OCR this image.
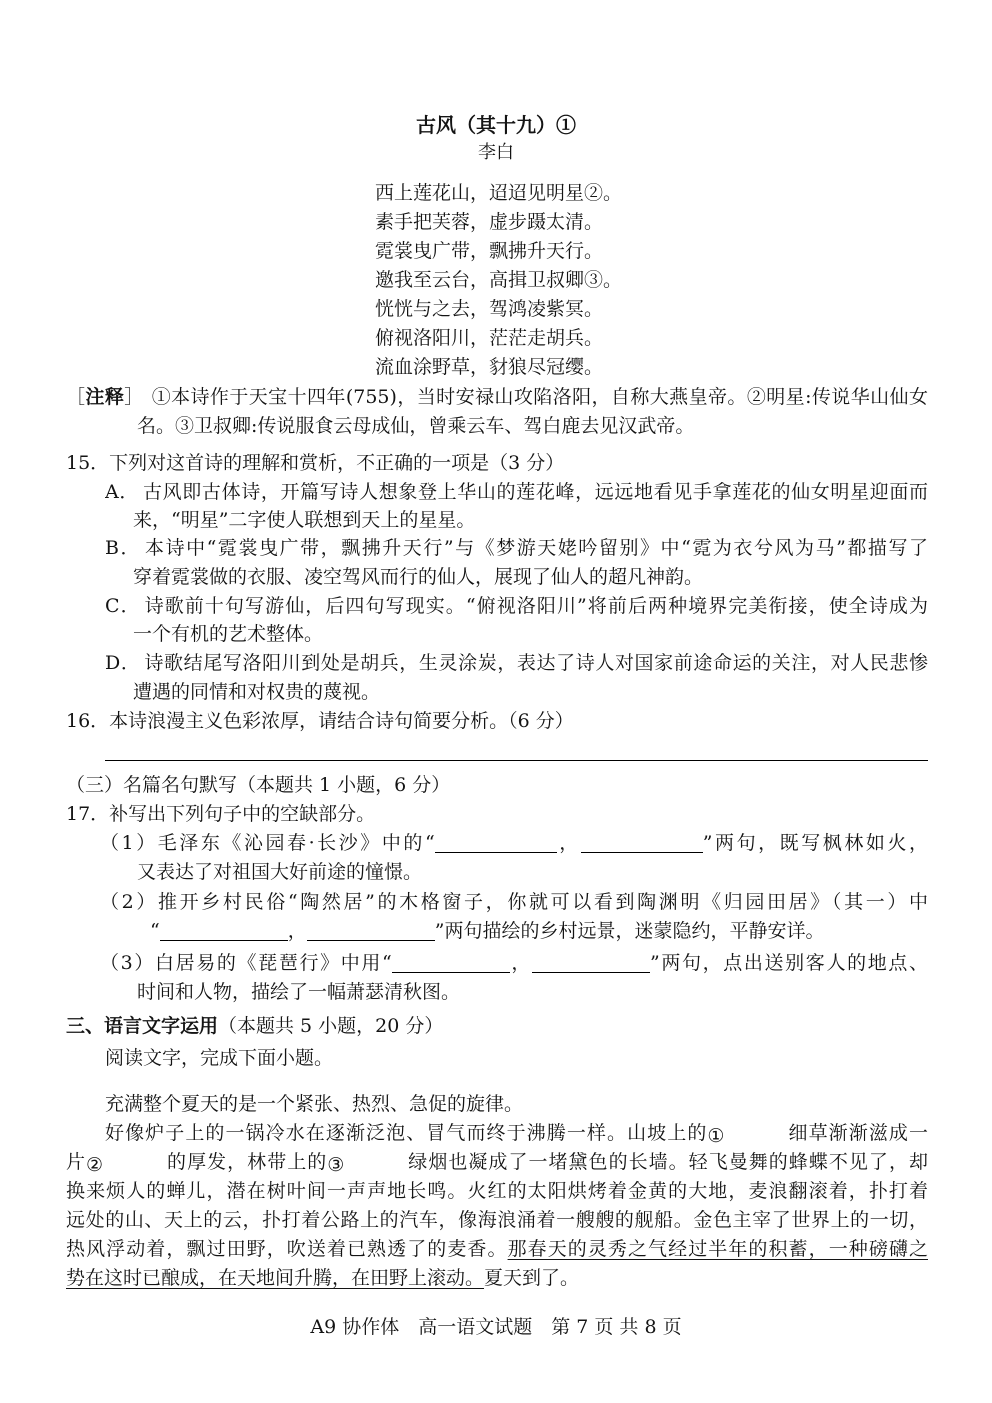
古风（其十九）①
李白
西上莲花山，迢迢见明星②。
素手把芙蓉，虚步蹑太清。
霓裳曳广带，飘拂升天行。
邀我至云台，高揖卫叔卿③。
恍恍与之去，驾鸿凌紫冥。
俯视洛阳川，茫茫走胡兵。
流血涂野草，豺狼尽冠缨。
［注释］ ①本诗作于天宝十四年(755)，当时安禄山攻陷洛阳，自称大燕皇帝。②明星:传说华山仙女
名。③卫叔卿:传说服食云母成仙，曾乘云车、驾白鹿去见汉武帝。
15．下列对这首诗的理解和赏析，不正确的一项是（3 分）
A． 古风即古体诗，开篇写诗人想象登上华山的莲花峰，远远地看见手拿莲花的仙女明星迎面而
来，“明星”二字使人联想到天上的星星。
B． 本诗中“霓裳曳广带，飘拂升天行”与《梦游天姥吟留别》中“霓为衣兮风为马”都描写了
穿着霓裳做的衣服、凌空驾风而行的仙人，展现了仙人的超凡神韵。
C． 诗歌前十句写游仙，后四句写现实。“俯视洛阳川”将前后两种境界完美衔接，使全诗成为
一个有机的艺术整体。
D． 诗歌结尾写洛阳川到处是胡兵，生灵涂炭，表达了诗人对国家前途命运的关注，对人民悲惨
遭遇的同情和对权贵的蔑视。
16．本诗浪漫主义色彩浓厚，请结合诗句简要分析。（6 分）
（三）名篇名句默写（本题共 1 小题，6 分）
17．补写出下列句子中的空缺部分。
（1）毛泽东《沁园春·长沙》中的“	，	”两句，既写枫林如火，
又表达了对祖国大好前途的憧憬。
（2）推开乡村民俗“陶然居”的木格窗子，你就可以看到陶渊明《归园田居》（其一）中
“	，	”两句描绘的乡村远景，迷蒙隐约，平静安详。
（3）白居易的《琵琶行》中用“	，	”两句，点出送别客人的地点、
时间和人物，描绘了一幅萧瑟清秋图。
三、语言文字运用（本题共 5 小题，20 分）
阅读文字，完成下面小题。
充满整个夏天的是一个紧张、热烈、急促的旋律。
好像炉子上的一锅冷水在逐渐泛泡、冒气而终于沸腾一样。山坡上的①	细草渐渐滋成一
片②	的厚发，林带上的③	绿烟也凝成了一堵黛色的长墙。轻飞曼舞的蜂蝶不见了，却
换来烦人的蝉儿，潜在树叶间一声声地长鸣。火红的太阳烘烤着金黄的大地，麦浪翻滚着，扑打着
远处的山、天上的云，扑打着公路上的汽车，像海浪涌着一艘艘的舰船。金色主宰了世界上的一切，
热风浮动着，飘过田野，吹送着已熟透了的麦香。那春天的灵秀之气经过半年的积蓄，一种磅礴之
势在这时已酿成，在天地间升腾，在田野上滚动。夏天到了。
A9 协作体　高一语文试题　第 7 页 共 8 页
